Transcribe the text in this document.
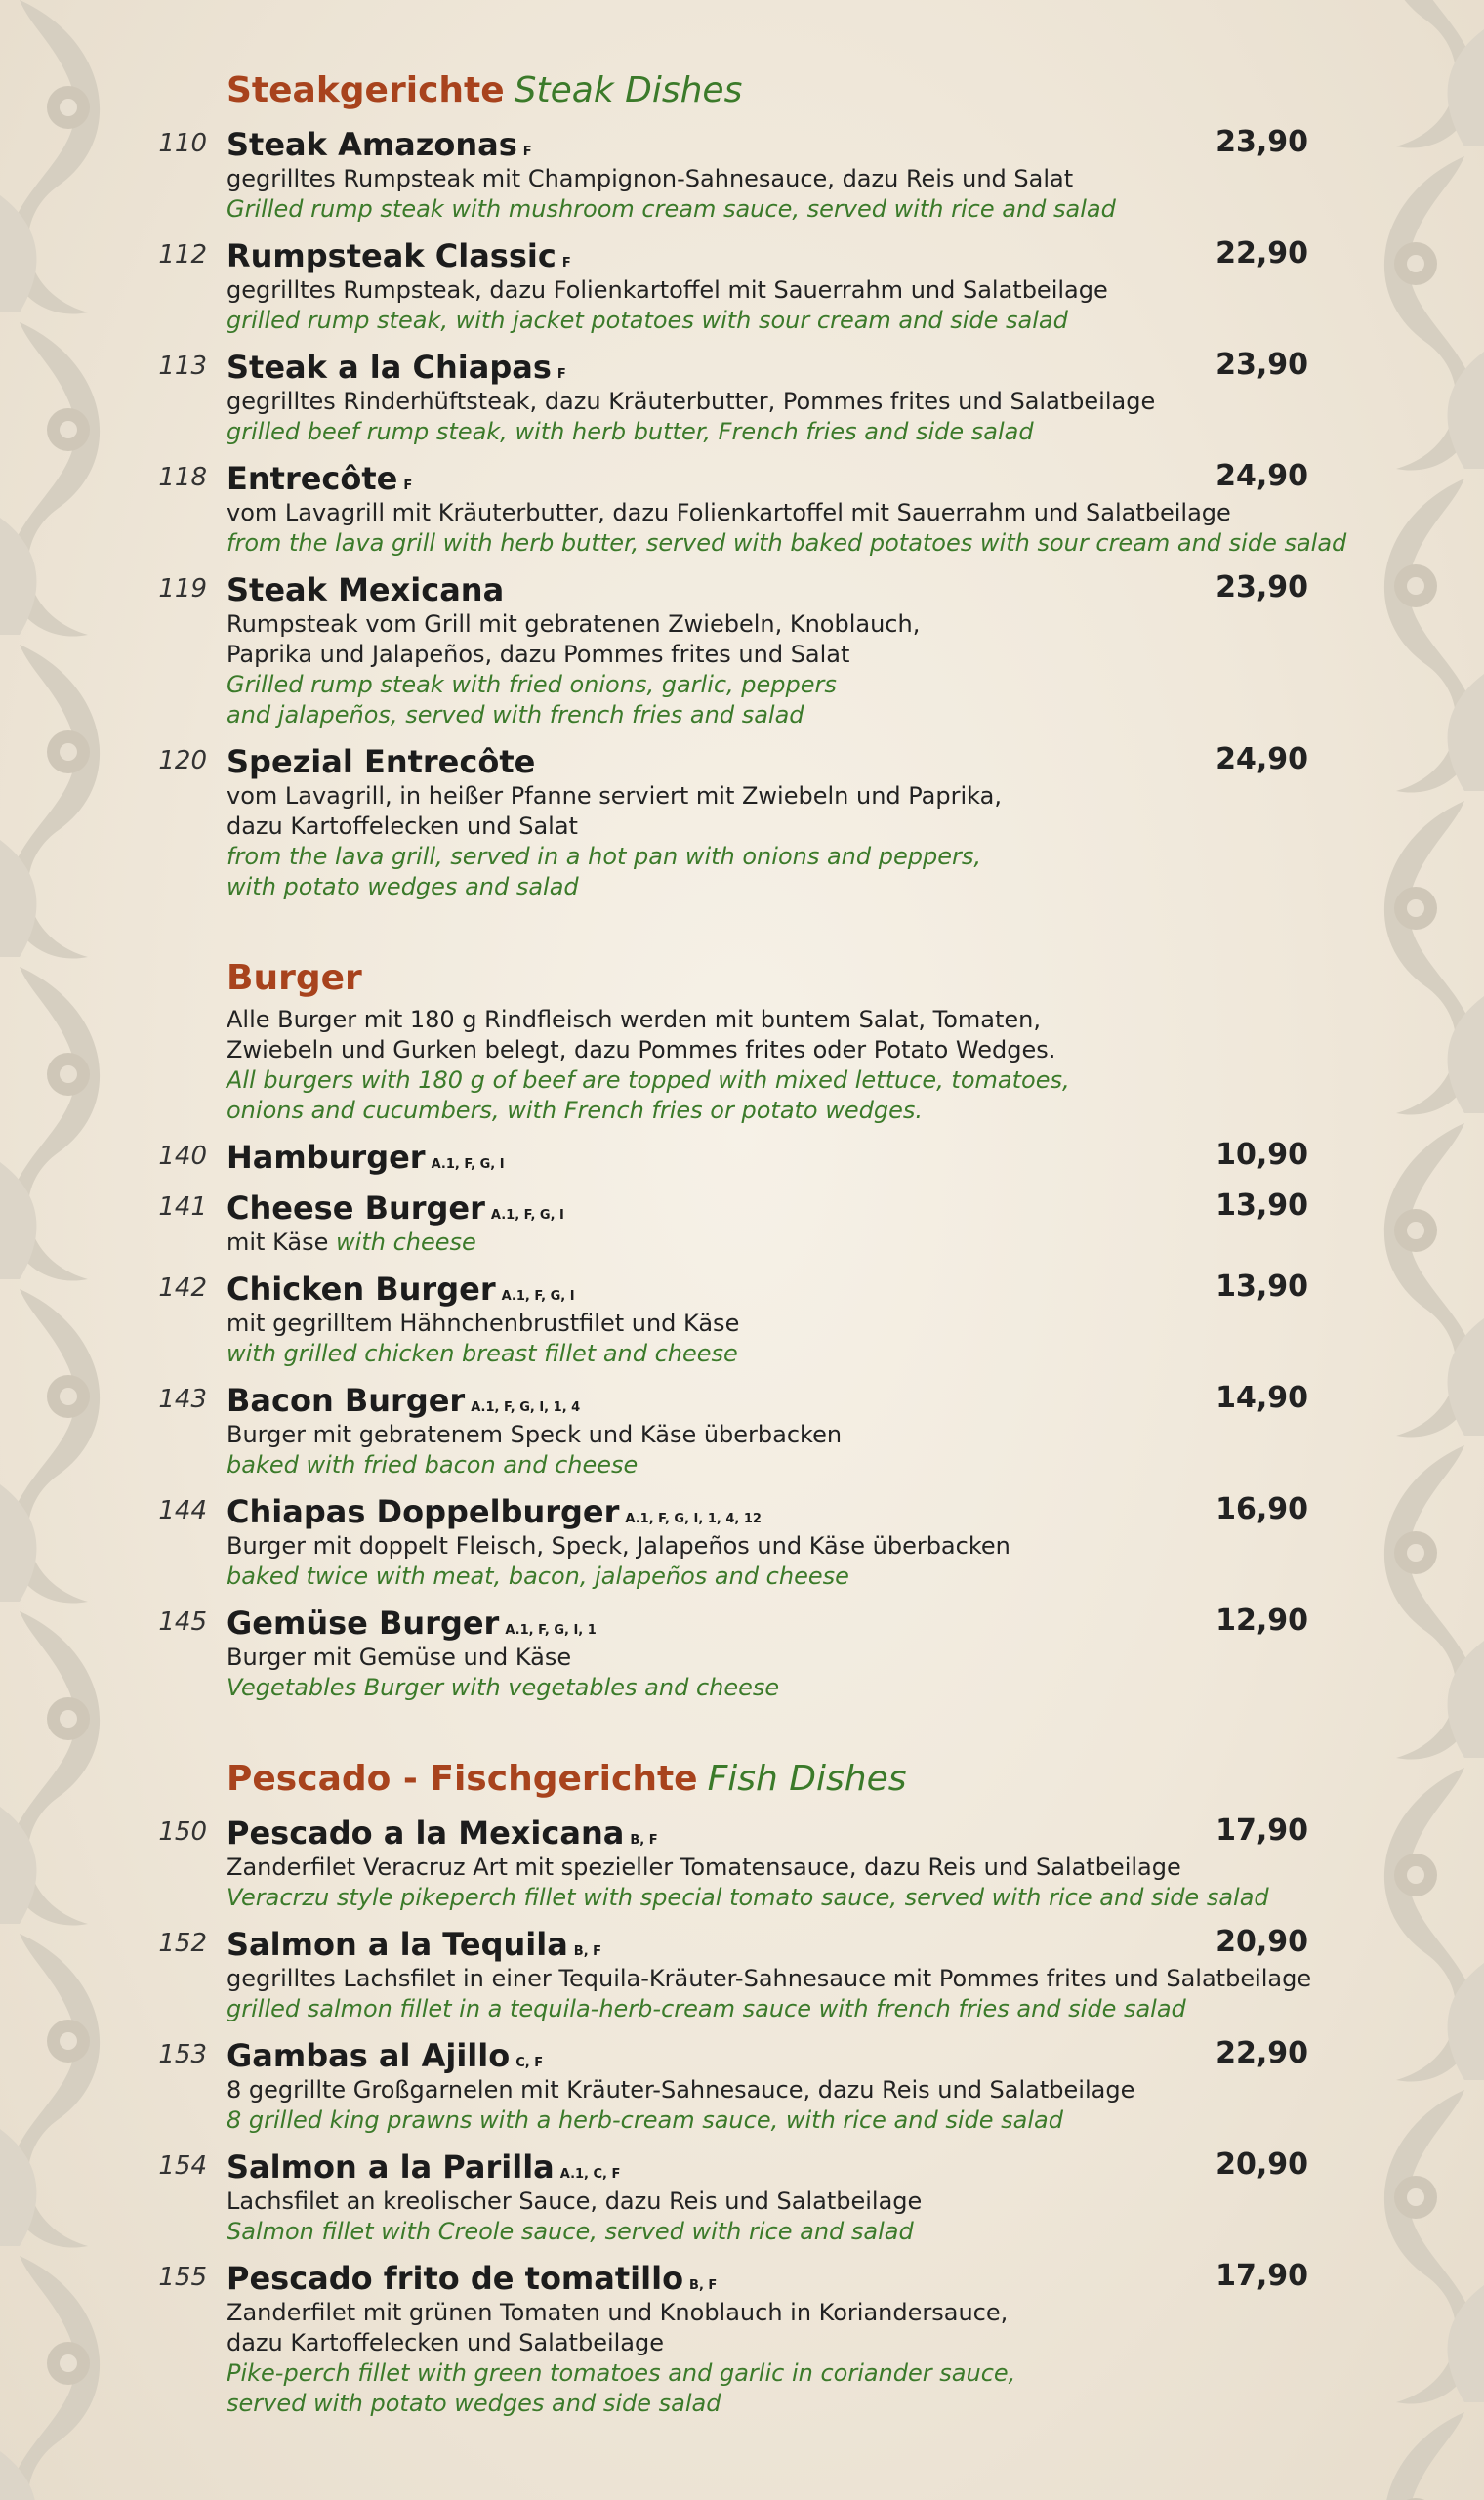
Steakgerichte Steak Dishes
110	23,90
Steak Amazonas $^F$
gegrilltes Rumpsteak mit Champignon-Sahnesauce, dazu Reis und Salat
Grilled rump steak with mushroom cream sauce, served with rice and salad
112	22,90
Rumpsteak Classic $^F$
gegrilltes Rumpsteak, dazu Folienkartoffel mit Sauerrahm und Salatbeilage
grilled rump steak, with jacket potatoes with sour cream and side salad
113	23,90
Steak a la Chiapas $^F$
gegrilltes Rinderhüftsteak, dazu Kräuterbutter, Pommes frites und Salatbeilage
grilled beef rump steak, with herb butter, French fries and side salad
118	24,90
Entrecôte $^F$
vom Lavagrill mit Kräuterbutter, dazu Folienkartoffel mit Sauerrahm und Salatbeilage
from the lava grill with herb butter, served with baked potatoes with sour cream and side salad
119	23,90
Steak Mexicana
Rumpsteak vom Grill mit gebratenen Zwiebeln, Knoblauch,
Paprika und Jalapeños, dazu Pommes frites und Salat
Grilled rump steak with fried onions, garlic, peppers
and jalapeños, served with french fries and salad
120	24,90
Spezial Entrecôte
vom Lavagrill, in heißer Pfanne serviert mit Zwiebeln und Paprika,
dazu Kartoffelecken und Salat
from the lava grill, served in a hot pan with onions and peppers,
with potato wedges and salad
Burger
Alle Burger mit 180 g Rindfleisch werden mit buntem Salat, Tomaten,
Zwiebeln und Gurken belegt, dazu Pommes frites oder Potato Wedges.
All burgers with 180 g of beef are topped with mixed lettuce, tomatoes,
onions and cucumbers, with French fries or potato wedges.
140	10,90
Hamburger $^{A.1, F, G, I}$
141	13,90
Cheese Burger $^{A.1, F, G, I}$
mit Käse with cheese
142	13,90
Chicken Burger $^{A.1, F, G, I}$
mit gegrilltem Hähnchenbrustfilet und Käse
with grilled chicken breast fillet and cheese
143	14,90
Bacon Burger $^{A.1, F, G, I, 1, 4}$
Burger mit gebratenem Speck und Käse überbacken
baked with fried bacon and cheese
144	16,90
Chiapas Doppelburger $^{A.1, F, G, I, 1, 4, 12}$
Burger mit doppelt Fleisch, Speck, Jalapeños und Käse überbacken
baked twice with meat, bacon, jalapeños and cheese
145	12,90
Gemüse Burger $^{A.1, F, G, I, 1}$
Burger mit Gemüse und Käse
Vegetables Burger with vegetables and cheese
Pescado - Fischgerichte Fish Dishes
150	17,90
Pescado a la Mexicana $^{B, F}$
Zanderfilet Veracruz Art mit spezieller Tomatensauce, dazu Reis und Salatbeilage
Veracrzu style pikeperch fillet with special tomato sauce, served with rice and side salad
152	20,90
Salmon a la Tequila $^{B, F}$
gegrilltes Lachsfilet in einer Tequila-Kräuter-Sahnesauce mit Pommes frites und Salatbeilage
grilled salmon fillet in a tequila-herb-cream sauce with french fries and side salad
153	22,90
Gambas al Ajillo $^{C, F}$
8 gegrillte Großgarnelen mit Kräuter-Sahnesauce, dazu Reis und Salatbeilage
8 grilled king prawns with a herb-cream sauce, with rice and side salad
154	20,90
Salmon a la Parilla $^{A.1, C, F}$
Lachsfilet an kreolischer Sauce, dazu Reis und Salatbeilage
Salmon fillet with Creole sauce, served with rice and salad
155	17,90
Pescado frito de tomatillo $^{B, F}$
Zanderfilet mit grünen Tomaten und Knoblauch in Koriandersauce,
dazu Kartoffelecken und Salatbeilage
Pike-perch fillet with green tomatoes and garlic in coriander sauce,
served with potato wedges and side salad
